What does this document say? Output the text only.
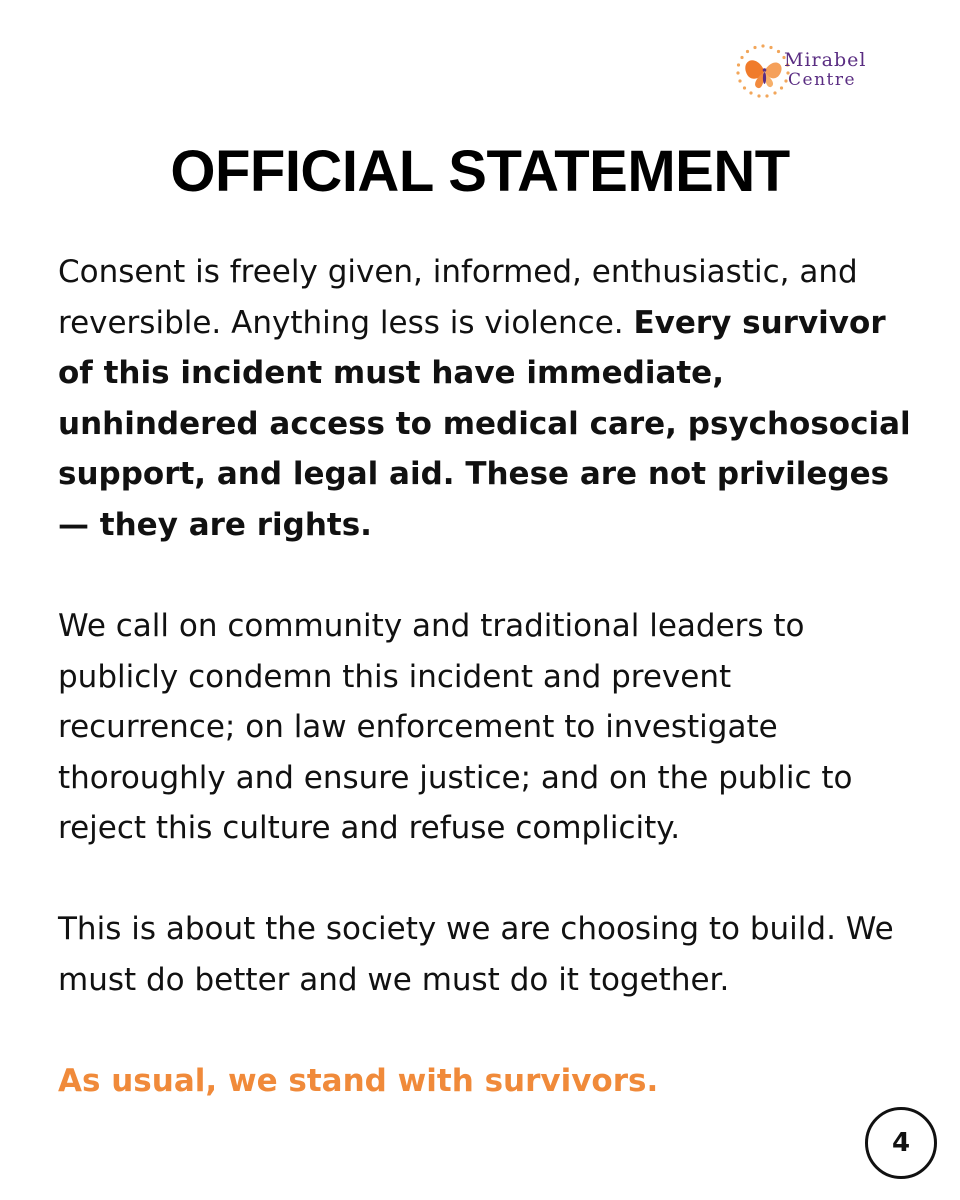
Mirabel
Centre
OFFICIAL STATEMENT

Consent is freely given, informed, enthusiastic, and reversible. Anything less is violence. Every survivor of this incident must have immediate, unhindered access to medical care, psychosocial support, and legal aid. These are not privileges — they are rights.

We call on community and traditional leaders to publicly condemn this incident and prevent recurrence; on law enforcement to investigate thoroughly and ensure justice; and on the public to reject this culture and refuse complicity.

This is about the society we are choosing to build. We must do better and we must do it together.

As usual, we stand with survivors.

4
